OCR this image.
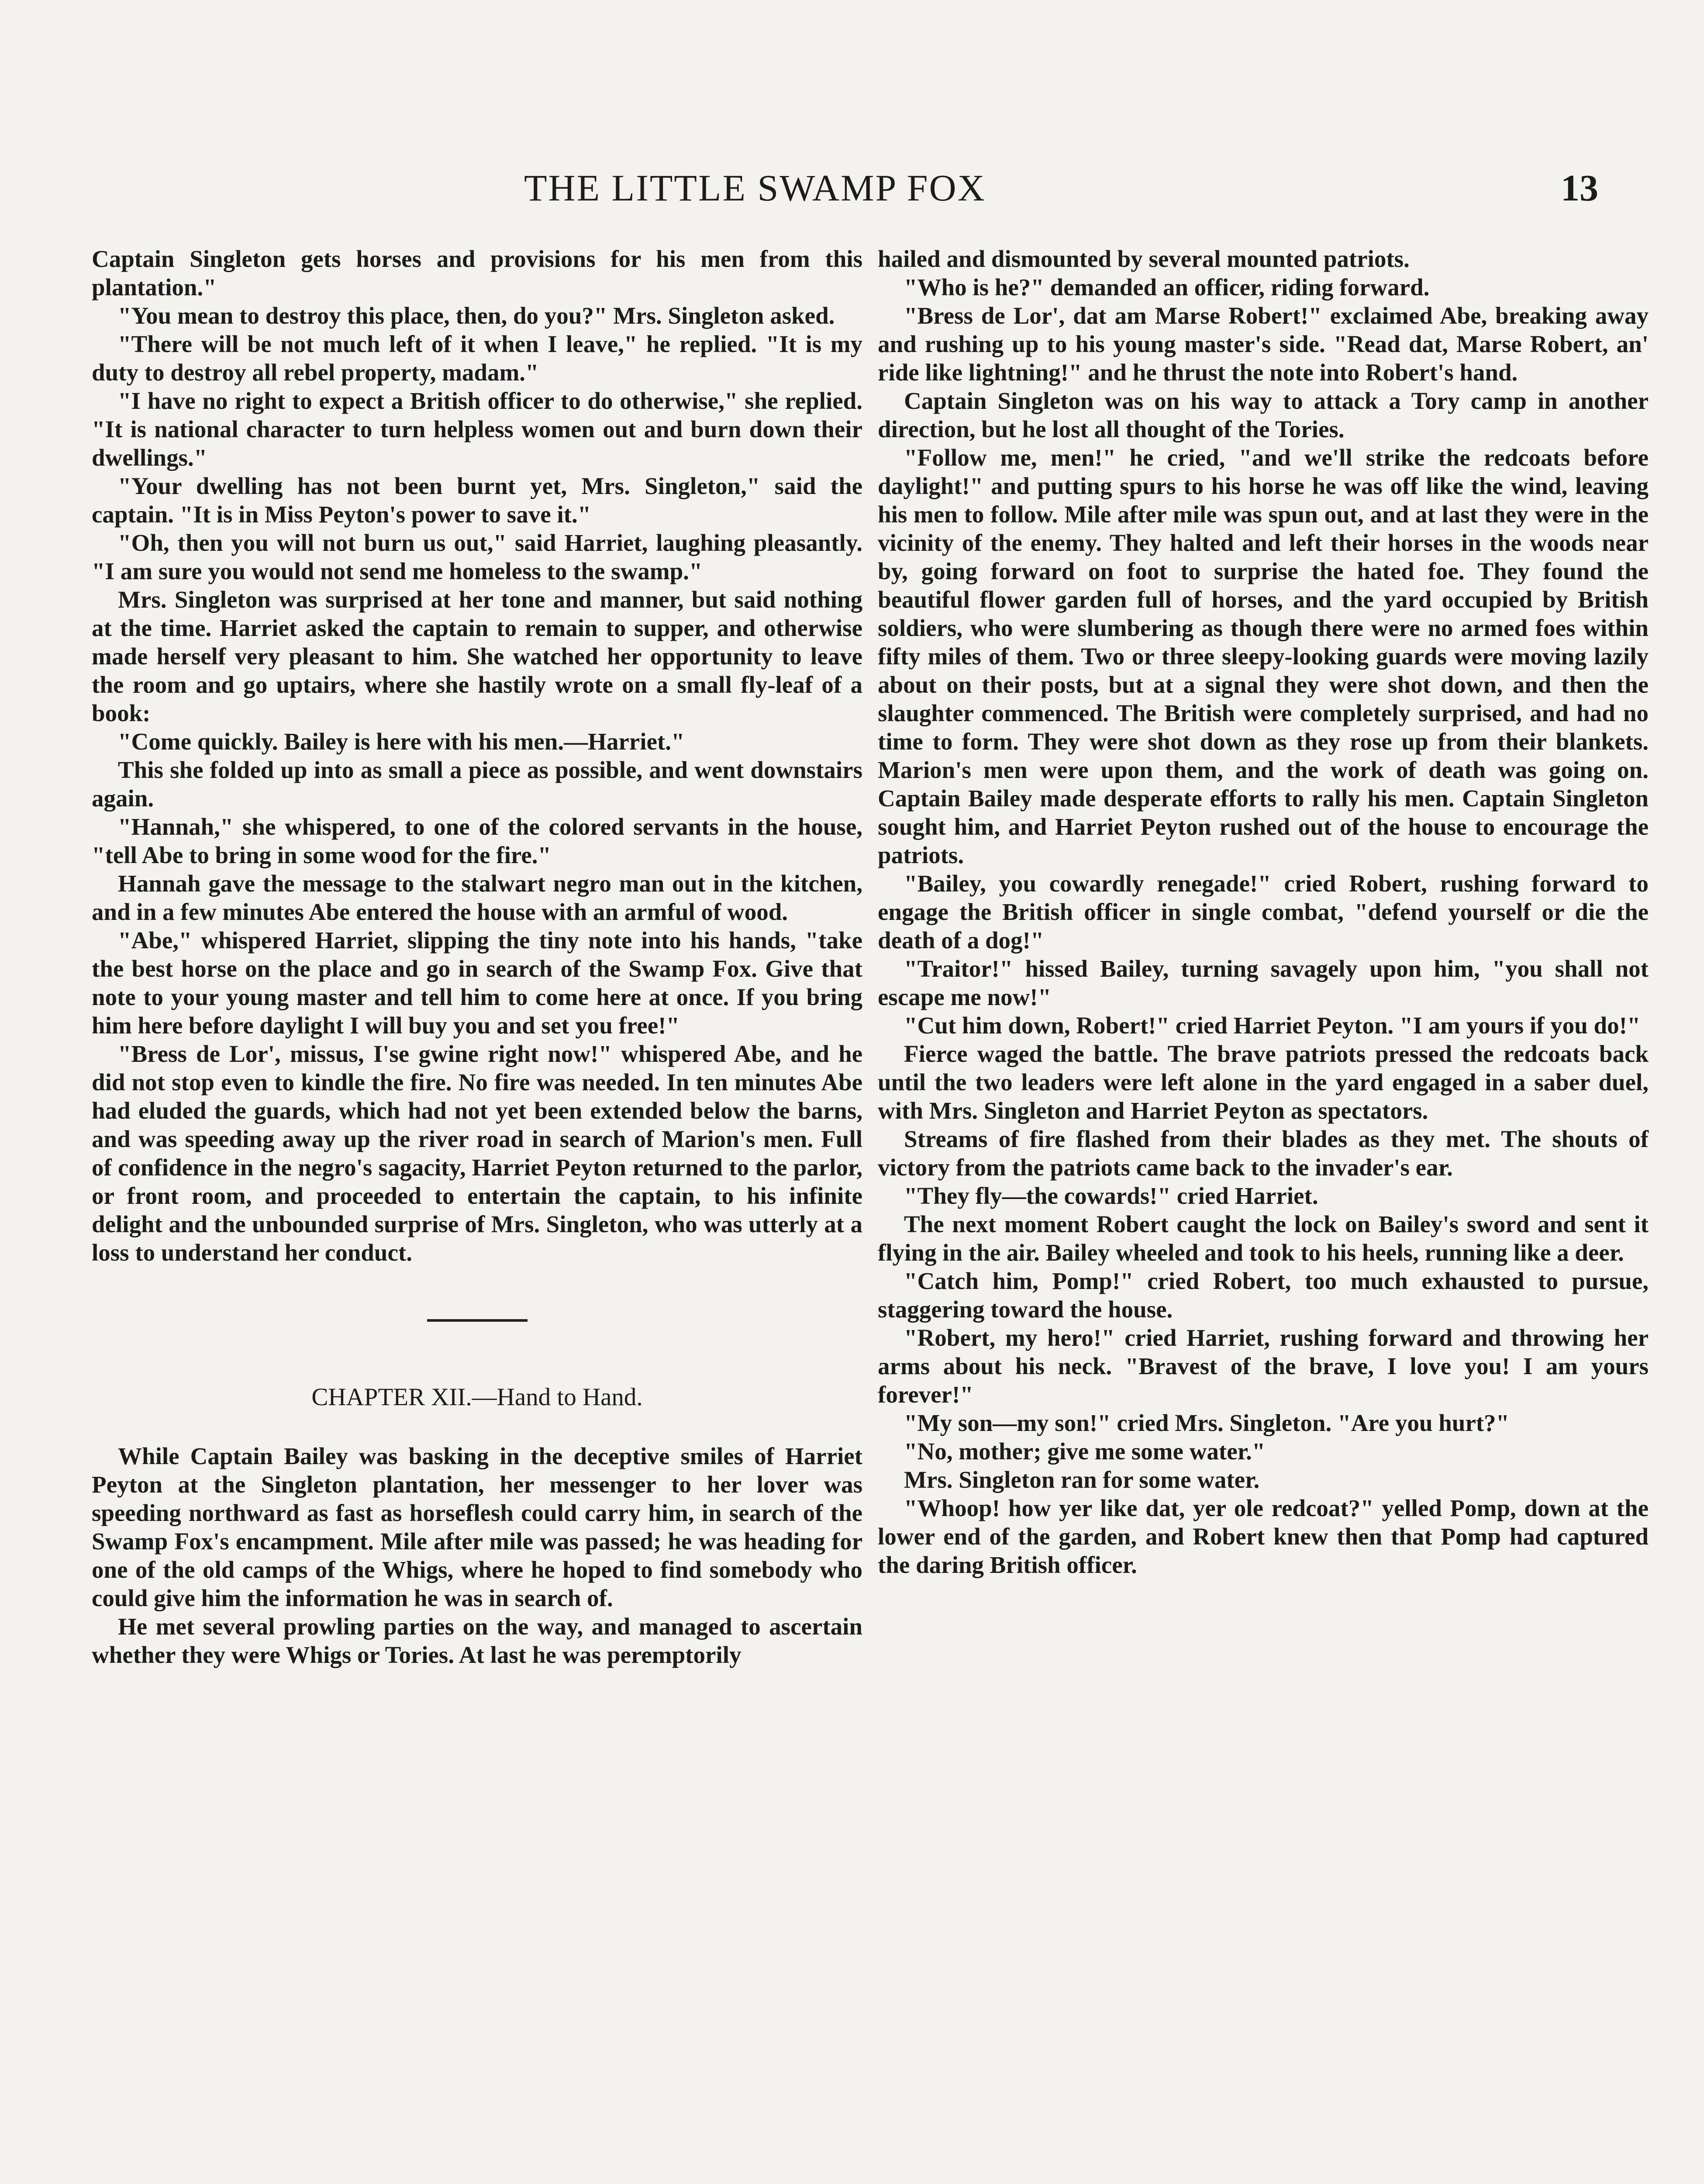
THE LITTLE SWAMP FOX	13

Captain Singleton gets horses and provisions for his men from this plantation."

"You mean to destroy this place, then, do you?" Mrs. Singleton asked.

"There will be not much left of it when I leave," he replied. "It is my duty to destroy all rebel property, madam."

"I have no right to expect a British officer to do otherwise," she replied. "It is national character to turn helpless women out and burn down their dwellings."

"Your dwelling has not been burnt yet, Mrs. Singleton," said the captain. "It is in Miss Peyton's power to save it."

"Oh, then you will not burn us out," said Harriet, laughing pleasantly. "I am sure you would not send me homeless to the swamp."

Mrs. Singleton was surprised at her tone and manner, but said nothing at the time. Harriet asked the captain to remain to supper, and otherwise made herself very pleasant to him. She watched her opportunity to leave the room and go uptairs, where she hastily wrote on a small fly-leaf of a book:

"Come quickly. Bailey is here with his men.—Harriet."

This she folded up into as small a piece as possible, and went downstairs again.

"Hannah," she whispered, to one of the colored servants in the house, "tell Abe to bring in some wood for the fire."

Hannah gave the message to the stalwart negro man out in the kitchen, and in a few minutes Abe entered the house with an armful of wood.

"Abe," whispered Harriet, slipping the tiny note into his hands, "take the best horse on the place and go in search of the Swamp Fox. Give that note to your young master and tell him to come here at once. If you bring him here before daylight I will buy you and set you free!"

"Bress de Lor', missus, I'se gwine right now!" whispered Abe, and he did not stop even to kindle the fire. No fire was needed. In ten minutes Abe had eluded the guards, which had not yet been extended below the barns, and was speeding away up the river road in search of Marion's men. Full of confidence in the negro's sagacity, Harriet Peyton returned to the parlor, or front room, and proceeded to entertain the captain, to his infinite delight and the unbounded surprise of Mrs. Singleton, who was utterly at a loss to understand her conduct.

CHAPTER XII.—Hand to Hand.

While Captain Bailey was basking in the deceptive smiles of Harriet Peyton at the Singleton plantation, her messenger to her lover was speeding northward as fast as horseflesh could carry him, in search of the Swamp Fox's encampment. Mile after mile was passed; he was heading for one of the old camps of the Whigs, where he hoped to find somebody who could give him the information he was in search of.

He met several prowling parties on the way, and managed to ascertain whether they were Whigs or Tories. At last he was peremptorily

hailed and dismounted by several mounted patriots.

"Who is he?" demanded an officer, riding forward.

"Bress de Lor', dat am Marse Robert!" exclaimed Abe, breaking away and rushing up to his young master's side. "Read dat, Marse Robert, an' ride like lightning!" and he thrust the note into Robert's hand.

Captain Singleton was on his way to attack a Tory camp in another direction, but he lost all thought of the Tories.

"Follow me, men!" he cried, "and we'll strike the redcoats before daylight!" and putting spurs to his horse he was off like the wind, leaving his men to follow. Mile after mile was spun out, and at last they were in the vicinity of the enemy. They halted and left their horses in the woods near by, going forward on foot to surprise the hated foe. They found the beautiful flower garden full of horses, and the yard occupied by British soldiers, who were slumbering as though there were no armed foes within fifty miles of them. Two or three sleepy-looking guards were moving lazily about on their posts, but at a signal they were shot down, and then the slaughter commenced. The British were completely surprised, and had no time to form. They were shot down as they rose up from their blankets. Marion's men were upon them, and the work of death was going on. Captain Bailey made desperate efforts to rally his men. Captain Singleton sought him, and Harriet Peyton rushed out of the house to encourage the patriots.

"Bailey, you cowardly renegade!" cried Robert, rushing forward to engage the British officer in single combat, "defend yourself or die the death of a dog!"

"Traitor!" hissed Bailey, turning savagely upon him, "you shall not escape me now!"

"Cut him down, Robert!" cried Harriet Peyton. "I am yours if you do!"

Fierce waged the battle. The brave patriots pressed the redcoats back until the two leaders were left alone in the yard engaged in a saber duel, with Mrs. Singleton and Harriet Peyton as spectators.

Streams of fire flashed from their blades as they met. The shouts of victory from the patriots came back to the invader's ear.

"They fly—the cowards!" cried Harriet.

The next moment Robert caught the lock on Bailey's sword and sent it flying in the air. Bailey wheeled and took to his heels, running like a deer.

"Catch him, Pomp!" cried Robert, too much exhausted to pursue, staggering toward the house.

"Robert, my hero!" cried Harriet, rushing forward and throwing her arms about his neck. "Bravest of the brave, I love you! I am yours forever!"

"My son—my son!" cried Mrs. Singleton. "Are you hurt?"

"No, mother; give me some water."

Mrs. Singleton ran for some water.

"Whoop! how yer like dat, yer ole redcoat?" yelled Pomp, down at the lower end of the garden, and Robert knew then that Pomp had captured the daring British officer.
